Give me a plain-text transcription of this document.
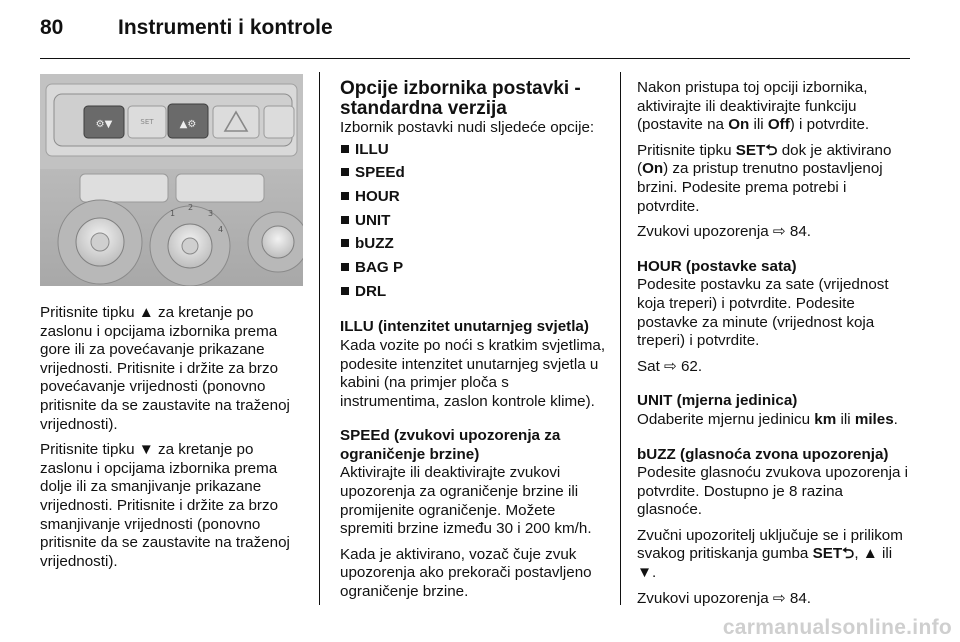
80	Instrumenti i kontrole
⚙▼	SET	▲⚙
1
2
3
4

Pritisnite tipku ▲ za kretanje po zaslonu i opcijama izbornika prema gore ili za povećavanje prikazane vrijednosti. Pritisnite i držite za brzo povećavanje vrijednosti (ponovno pritisnite da se zaustavite na traženoj vrijednosti).

Pritisnite tipku ▼ za kretanje po zaslonu i opcijama izbornika prema dolje ili za smanjivanje prikazane vrijednosti. Pritisnite i držite za brzo smanjivanje vrijednosti (ponovno pritisnite da se zaustavite na traženoj vrijednosti).

Opcije izbornika postavki - standardna verzija

Izbornik postavki nudi sljedeće opcije:

ILLU
SPEEd
HOUR
UNIT
bUZZ
BAG P
DRL

ILLU (intenzitet unutarnjeg svjetla)

Kada vozite po noći s kratkim svjetlima, podesite intenzitet unutarnjeg svjetla u kabini (na primjer ploča s instrumentima, zaslon kontrole klime).

SPEEd (zvukovi upozorenja za ograničenje brzine)

Aktivirajte ili deaktivirajte zvukovi upozorenja za ograničenje brzine ili promijenite ograničenje. Možete spremiti brzine između 30 i 200 km/h.

Kada je aktivirano, vozač čuje zvuk upozorenja ako prekorači postavljeno ograničenje brzine.

Nakon pristupa toj opciji izbornika, aktivirajte ili deaktivirajte funkciju (postavite na On ili Off) i potvrdite.

Pritisnite tipku SET⮌ dok je aktivirano (On) za pristup trenutno postavljenoj brzini. Podesite prema potrebi i potvrdite.

Zvukovi upozorenja ⇨ 84.

HOUR (postavke sata)

Podesite postavku za sate (vrijednost koja treperi) i potvrdite. Podesite postavke za minute (vrijednost koja treperi) i potvrdite.

Sat ⇨ 62.

UNIT (mjerna jedinica)

Odaberite mjernu jedinicu km ili miles.

bUZZ (glasnoća zvona upozorenja)

Podesite glasnoću zvukova upozorenja i potvrdite. Dostupno je 8 razina glasnoće.

Zvučni upozoritelj uključuje se i prilikom svakog pritiskanja gumba SET⮌, ▲ ili ▼.

Zvukovi upozorenja ⇨ 84.

carmanualsonline.info
